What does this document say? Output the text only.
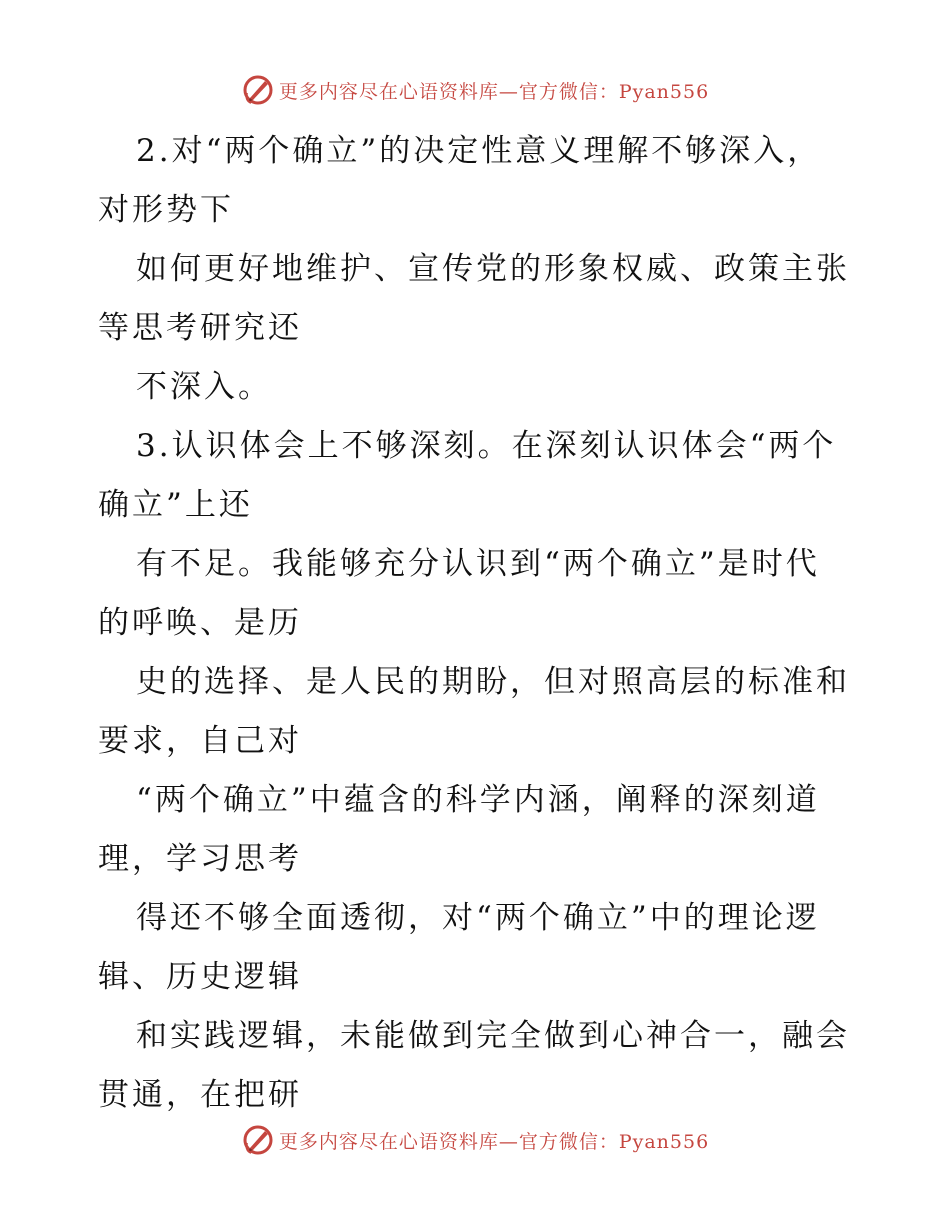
更多内容尽在心语资料库—官方微信：Pyan556
2.对“两个确立”的决定性意义理解不够深入，
对形势下
如何更好地维护、宣传党的形象权威、政策主张
等思考研究还
不深入。
3.认识体会上不够深刻。在深刻认识体会“两个
确立”上还
有不足。我能够充分认识到“两个确立”是时代
的呼唤、是历
史的选择、是人民的期盼，但对照高层的标准和
要求，自己对
“两个确立”中蕴含的科学内涵，阐释的深刻道
理，学习思考
得还不够全面透彻，对“两个确立”中的理论逻
辑、历史逻辑
和实践逻辑，未能做到完全做到心神合一，融会
贯通，在把研
更多内容尽在心语资料库—官方微信：Pyan556
